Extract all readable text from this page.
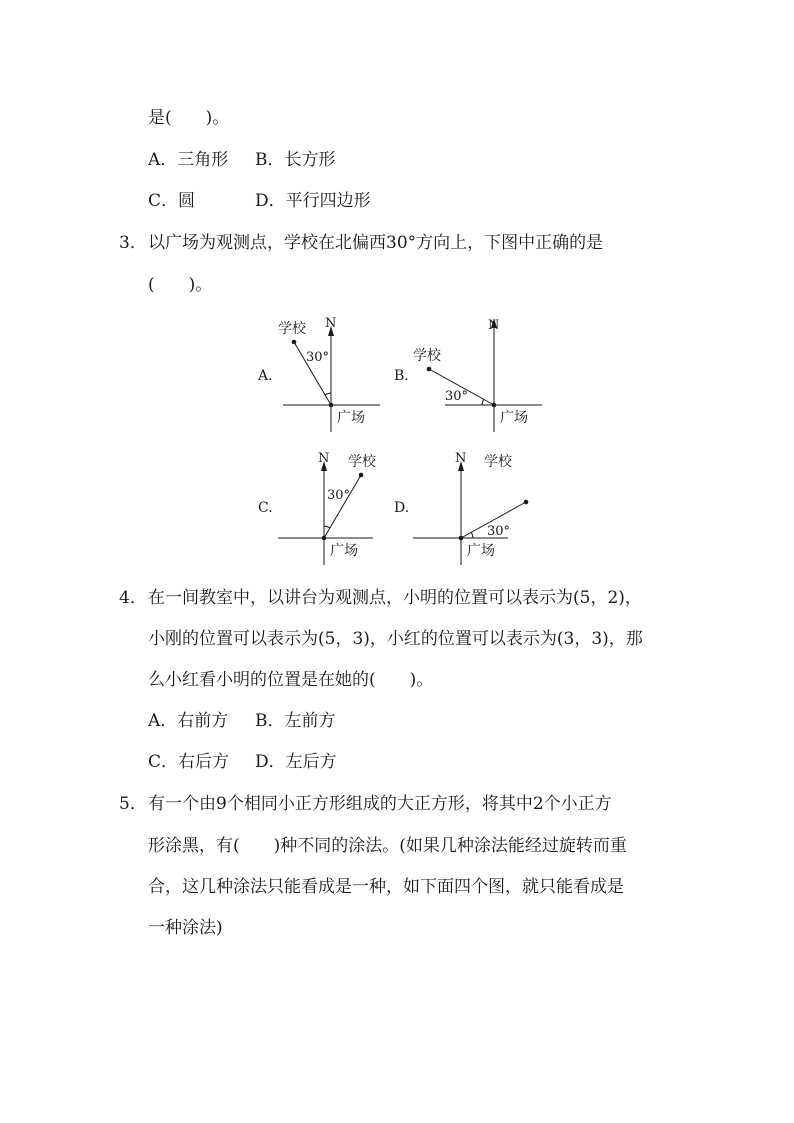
是(　　)。
A．三角形 B．长方形
C．圆	D．平行四边形
3． 以广场为观测点，学校在北偏西30°方向上，下图中正确的是
(　　)。
A.
N
学校
30°
广场
B.
N
学校
30°
广场
C.
N 学校
30°
广场
D.
N 学校
30°
广场
4． 在一间教室中，以讲台为观测点，小明的位置可以表示为(5，2)，
小刚的位置可以表示为(5，3)，小红的位置可以表示为(3，3)，那
么小红看小明的位置是在她的(　　)。
A．右前方 B．左前方
C．右后方 D．左后方
5． 有一个由9个相同小正方形组成的大正方形，将其中2个小正方
形涂黑，有(　　)种不同的涂法。(如果几种涂法能经过旋转而重
合，这几种涂法只能看成是一种，如下面四个图，就只能看成是
一种涂法)
